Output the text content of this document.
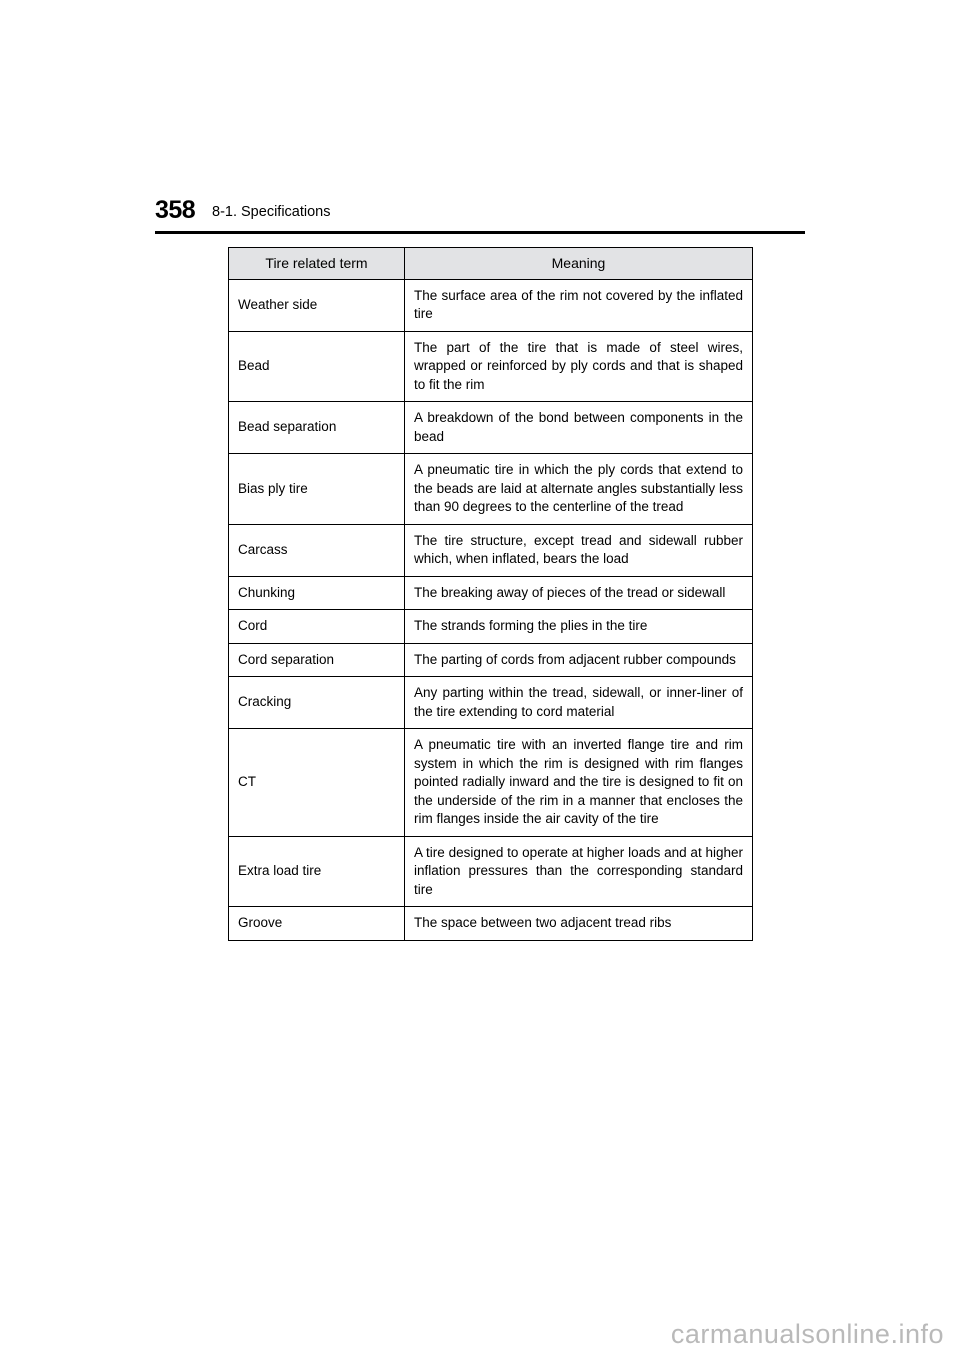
358 8-1. Specifications
Tire related term	Meaning
Weather side	The surface area of the rim not covered by the inflated tire
Bead	The part of the tire that is made of steel wires, wrapped or reinforced by ply cords and that is shaped to fit the rim
Bead separation	A breakdown of the bond between components in the bead
Bias ply tire	A pneumatic tire in which the ply cords that extend to the beads are laid at alternate angles substantially less than 90 degrees to the centerline of the tread
Carcass	The tire structure, except tread and sidewall rubber which, when inflated, bears the load
Chunking	The breaking away of pieces of the tread or sidewall
Cord	The strands forming the plies in the tire
Cord separation	The parting of cords from adjacent rubber compounds
Cracking	Any parting within the tread, sidewall, or inner-liner of the tire extending to cord material
CT	A pneumatic tire with an inverted flange tire and rim system in which the rim is designed with rim flanges pointed radially inward and the tire is designed to fit on the underside of the rim in a manner that encloses the rim flanges inside the air cavity of the tire
Extra load tire	A tire designed to operate at higher loads and at higher inflation pressures than the corresponding standard tire
Groove	The space between two adjacent tread ribs
carmanualsonline.info
